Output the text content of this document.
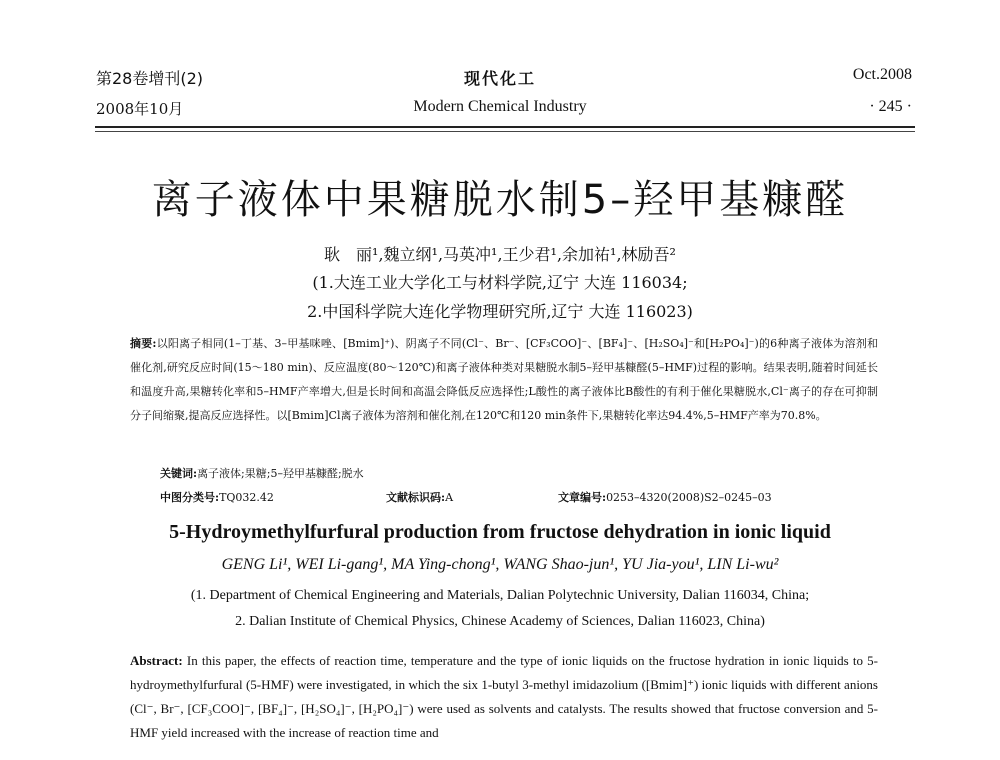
第28卷增刊(2)
2008年10月
现代化工
Modern Chemical Industry
Oct.2008
· 245 ·
离子液体中果糖脱水制5–羟甲基糠醛
耿　丽¹,魏立纲¹,马英冲¹,王少君¹,余加祐¹,林励吾²
(1.大连工业大学化工与材料学院,辽宁 大连 116034;
2.中国科学院大连化学物理研究所,辽宁 大连 116023)

摘要:以阳离子相同(1–丁基、3–甲基咪唑、[Bmim]⁺)、阴离子不同(Cl⁻、Br⁻、[CF₃COO]⁻、[BF₄]⁻、[H₂SO₄]⁻和[H₂PO₄]⁻)的6种离子液体为溶剂和催化剂,研究反应时间(15～180 min)、反应温度(80～120℃)和离子液体种类对果糖脱水制5–羟甲基糠醛(5–HMF)过程的影响。结果表明,随着时间延长和温度升高,果糖转化率和5–HMF产率增大,但是长时间和高温会降低反应选择性;L酸性的离子液体比B酸性的有利于催化果糖脱水,Cl⁻离子的存在可抑制分子间缩聚,提高反应选择性。以[Bmim]Cl离子液体为溶剂和催化剂,在120℃和120 min条件下,果糖转化率达94.4%,5–HMF产率为70.8%。

关键词:离子液体;果糖;5–羟甲基糠醛;脱水
中图分类号:TQ032.42	文献标识码:A	文章编号:0253–4320(2008)S2–0245–03
5-Hydroymethylfurfural production from fructose dehydration in ionic liquid
GENG Li¹, WEI Li-gang¹, MA Ying-chong¹, WANG Shao-jun¹, YU Jia-you¹, LIN Li-wu²
(1. Department of Chemical Engineering and Materials, Dalian Polytechnic University, Dalian 116034, China;
2. Dalian Institute of Chemical Physics, Chinese Academy of Sciences, Dalian 116023, China)

Abstract: In this paper, the effects of reaction time, temperature and the type of ionic liquids on the fructose hydration in ionic liquids to 5-hydroymethylfurfural (5-HMF) were investigated, in which the six 1-butyl 3-methyl imidazolium ([Bmim]⁺) ionic liquids with different anions (Cl⁻, Br⁻, [CF₃COO]⁻, [BF₄]⁻, [H₂SO₄]⁻, [H₂PO₄]⁻) were used as solvents and catalysts. The results showed that fructose conversion and 5-HMF yield increased with the increase of reaction time and
